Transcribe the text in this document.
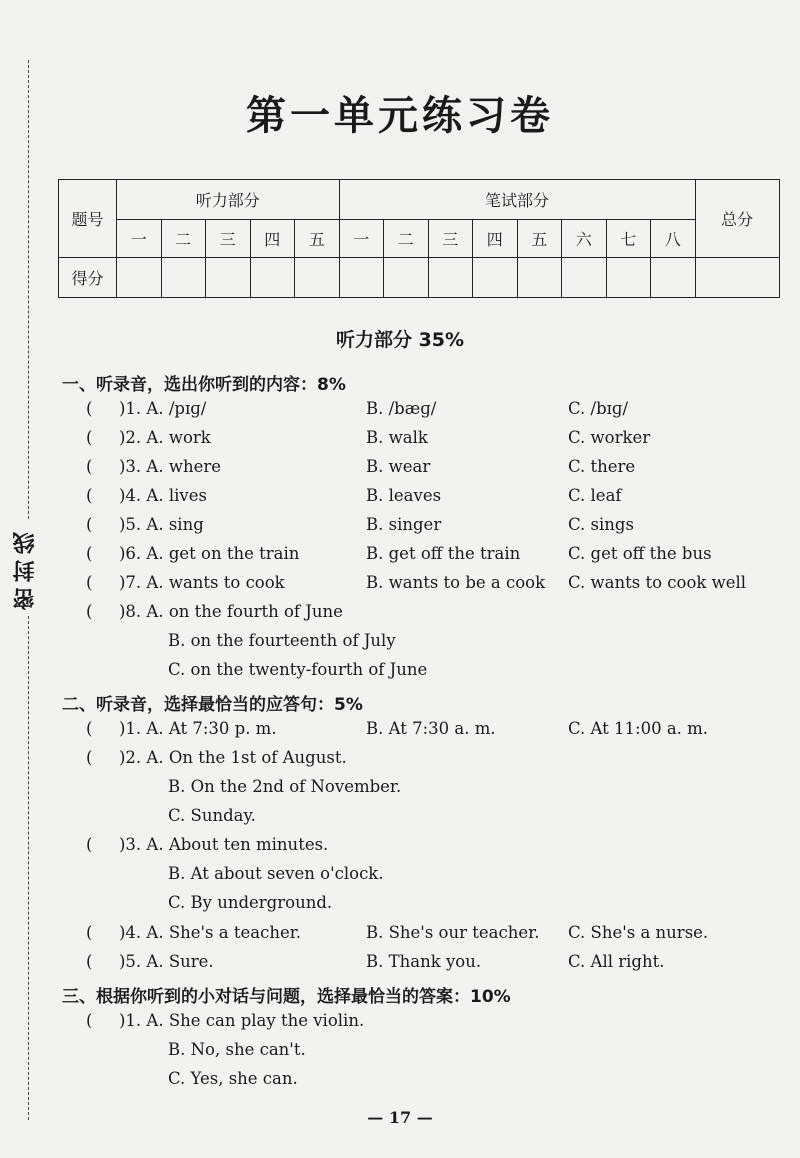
密封线
第一单元练习卷
题号	听力部分					笔试部分								总分
	一	二	三	四	五	一	二	三	四	五	六	七	八	
得分														
听力部分 35%
一、听录音，选出你听到的内容：8%
( )1. A. /pɪɡ/	B. /bæɡ/	C. /bɪɡ/
( )2. A. work	B. walk	C. worker
( )3. A. where	B. wear	C. there
( )4. A. lives	B. leaves	C. leaf
( )5. A. sing	B. singer	C. sings
( )6. A. get on the train	B. get off the train	C. get off the bus
( )7. A. wants to cook	B. wants to be a cook C. wants to cook well
( )8. A. on the fourth of June
B. on the fourteenth of July
C. on the twenty-fourth of June
二、听录音，选择最恰当的应答句：5%
( )1. A. At 7:30 p. m.	B. At 7:30 a. m.	C. At 11:00 a. m.
( )2. A. On the 1st of August.
B. On the 2nd of November.
C. Sunday.
( )3. A. About ten minutes.
B. At about seven o'clock.
C. By underground.
( )4. A. She's a teacher.	B. She's our teacher. C. She's a nurse.
( )5. A. Sure.	B. Thank you.	C. All right.
三、根据你听到的小对话与问题，选择最恰当的答案：10%
( )1. A. She can play the violin.
B. No, she can't.
C. Yes, she can.
— 17 —
